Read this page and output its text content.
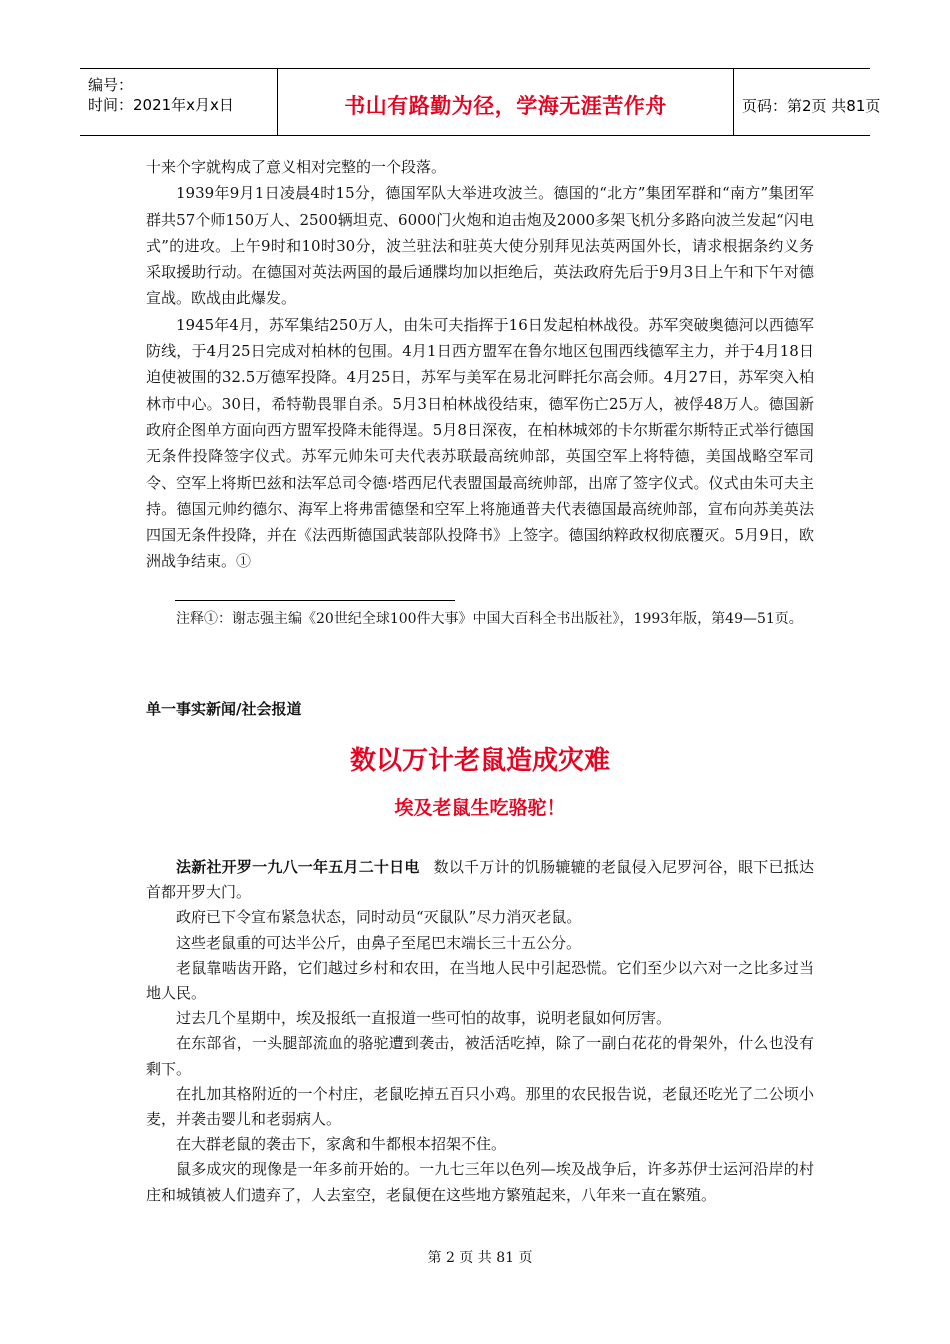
编号：
时间：2021年x月x日	书山有路勤为径，学海无涯苦作舟	页码：第2页 共81页

十来个字就构成了意义相对完整的一个段落。

1939年9月1日凌晨4时15分，德国军队大举进攻波兰。德国的“北方”集团军群和“南方”集团军群共57个师150万人、2500辆坦克、6000门火炮和迫击炮及2000多架飞机分多路向波兰发起“闪电式”的进攻。上午9时和10时30分，波兰驻法和驻英大使分别拜见法英两国外长，请求根据条约义务采取援助行动。在德国对英法两国的最后通牒均加以拒绝后，英法政府先后于9月3日上午和下午对德宣战。欧战由此爆发。

1945年4月，苏军集结250万人，由朱可夫指挥于16日发起柏林战役。苏军突破奥德河以西德军防线，于4月25日完成对柏林的包围。4月1日西方盟军在鲁尔地区包围西线德军主力，并于4月18日迫使被围的32.5万德军投降。4月25日，苏军与美军在易北河畔托尔高会师。4月27日，苏军突入柏林市中心。30日，希特勒畏罪自杀。5月3日柏林战役结束，德军伤亡25万人，被俘48万人。德国新政府企图单方面向西方盟军投降未能得逞。5月8日深夜，在柏林城郊的卡尔斯霍尔斯特正式举行德国无条件投降签字仪式。苏军元帅朱可夫代表苏联最高统帅部，英国空军上将特德，美国战略空军司令、空军上将斯巴兹和法军总司令德·塔西尼代表盟国最高统帅部，出席了签字仪式。仪式由朱可夫主持。德国元帅约德尔、海军上将弗雷德堡和空军上将施通普夫代表德国最高统帅部，宣布向苏美英法四国无条件投降，并在《法西斯德国武装部队投降书》上签字。德国纳粹政权彻底覆灭。5月9日，欧洲战争结束。①

注释①：谢志强主编《20世纪全球100件大事》中国大百科全书出版社》，1993年版，第49—51页。

单一事实新闻/社会报道
数以万计老鼠造成灾难
埃及老鼠生吃骆驼！

法新社开罗一九八一年五月二十日电 数以千万计的饥肠辘辘的老鼠侵入尼罗河谷，眼下已抵达首都开罗大门。

政府已下令宣布紧急状态，同时动员“灭鼠队”尽力消灭老鼠。

这些老鼠重的可达半公斤，由鼻子至尾巴末端长三十五公分。

老鼠靠啮齿开路，它们越过乡村和农田，在当地人民中引起恐慌。它们至少以六对一之比多过当地人民。

过去几个星期中，埃及报纸一直报道一些可怕的故事，说明老鼠如何厉害。

在东部省，一头腿部流血的骆驼遭到袭击，被活活吃掉，除了一副白花花的骨架外，什么也没有剩下。

在扎加其格附近的一个村庄，老鼠吃掉五百只小鸡。那里的农民报告说，老鼠还吃光了二公顷小麦，并袭击婴儿和老弱病人。

在大群老鼠的袭击下，家禽和牛都根本招架不住。

鼠多成灾的现像是一年多前开始的。一九七三年以色列—埃及战争后，许多苏伊士运河沿岸的村庄和城镇被人们遗弃了，人去室空，老鼠便在这些地方繁殖起来，八年来一直在繁殖。

第 2 页 共 81 页
